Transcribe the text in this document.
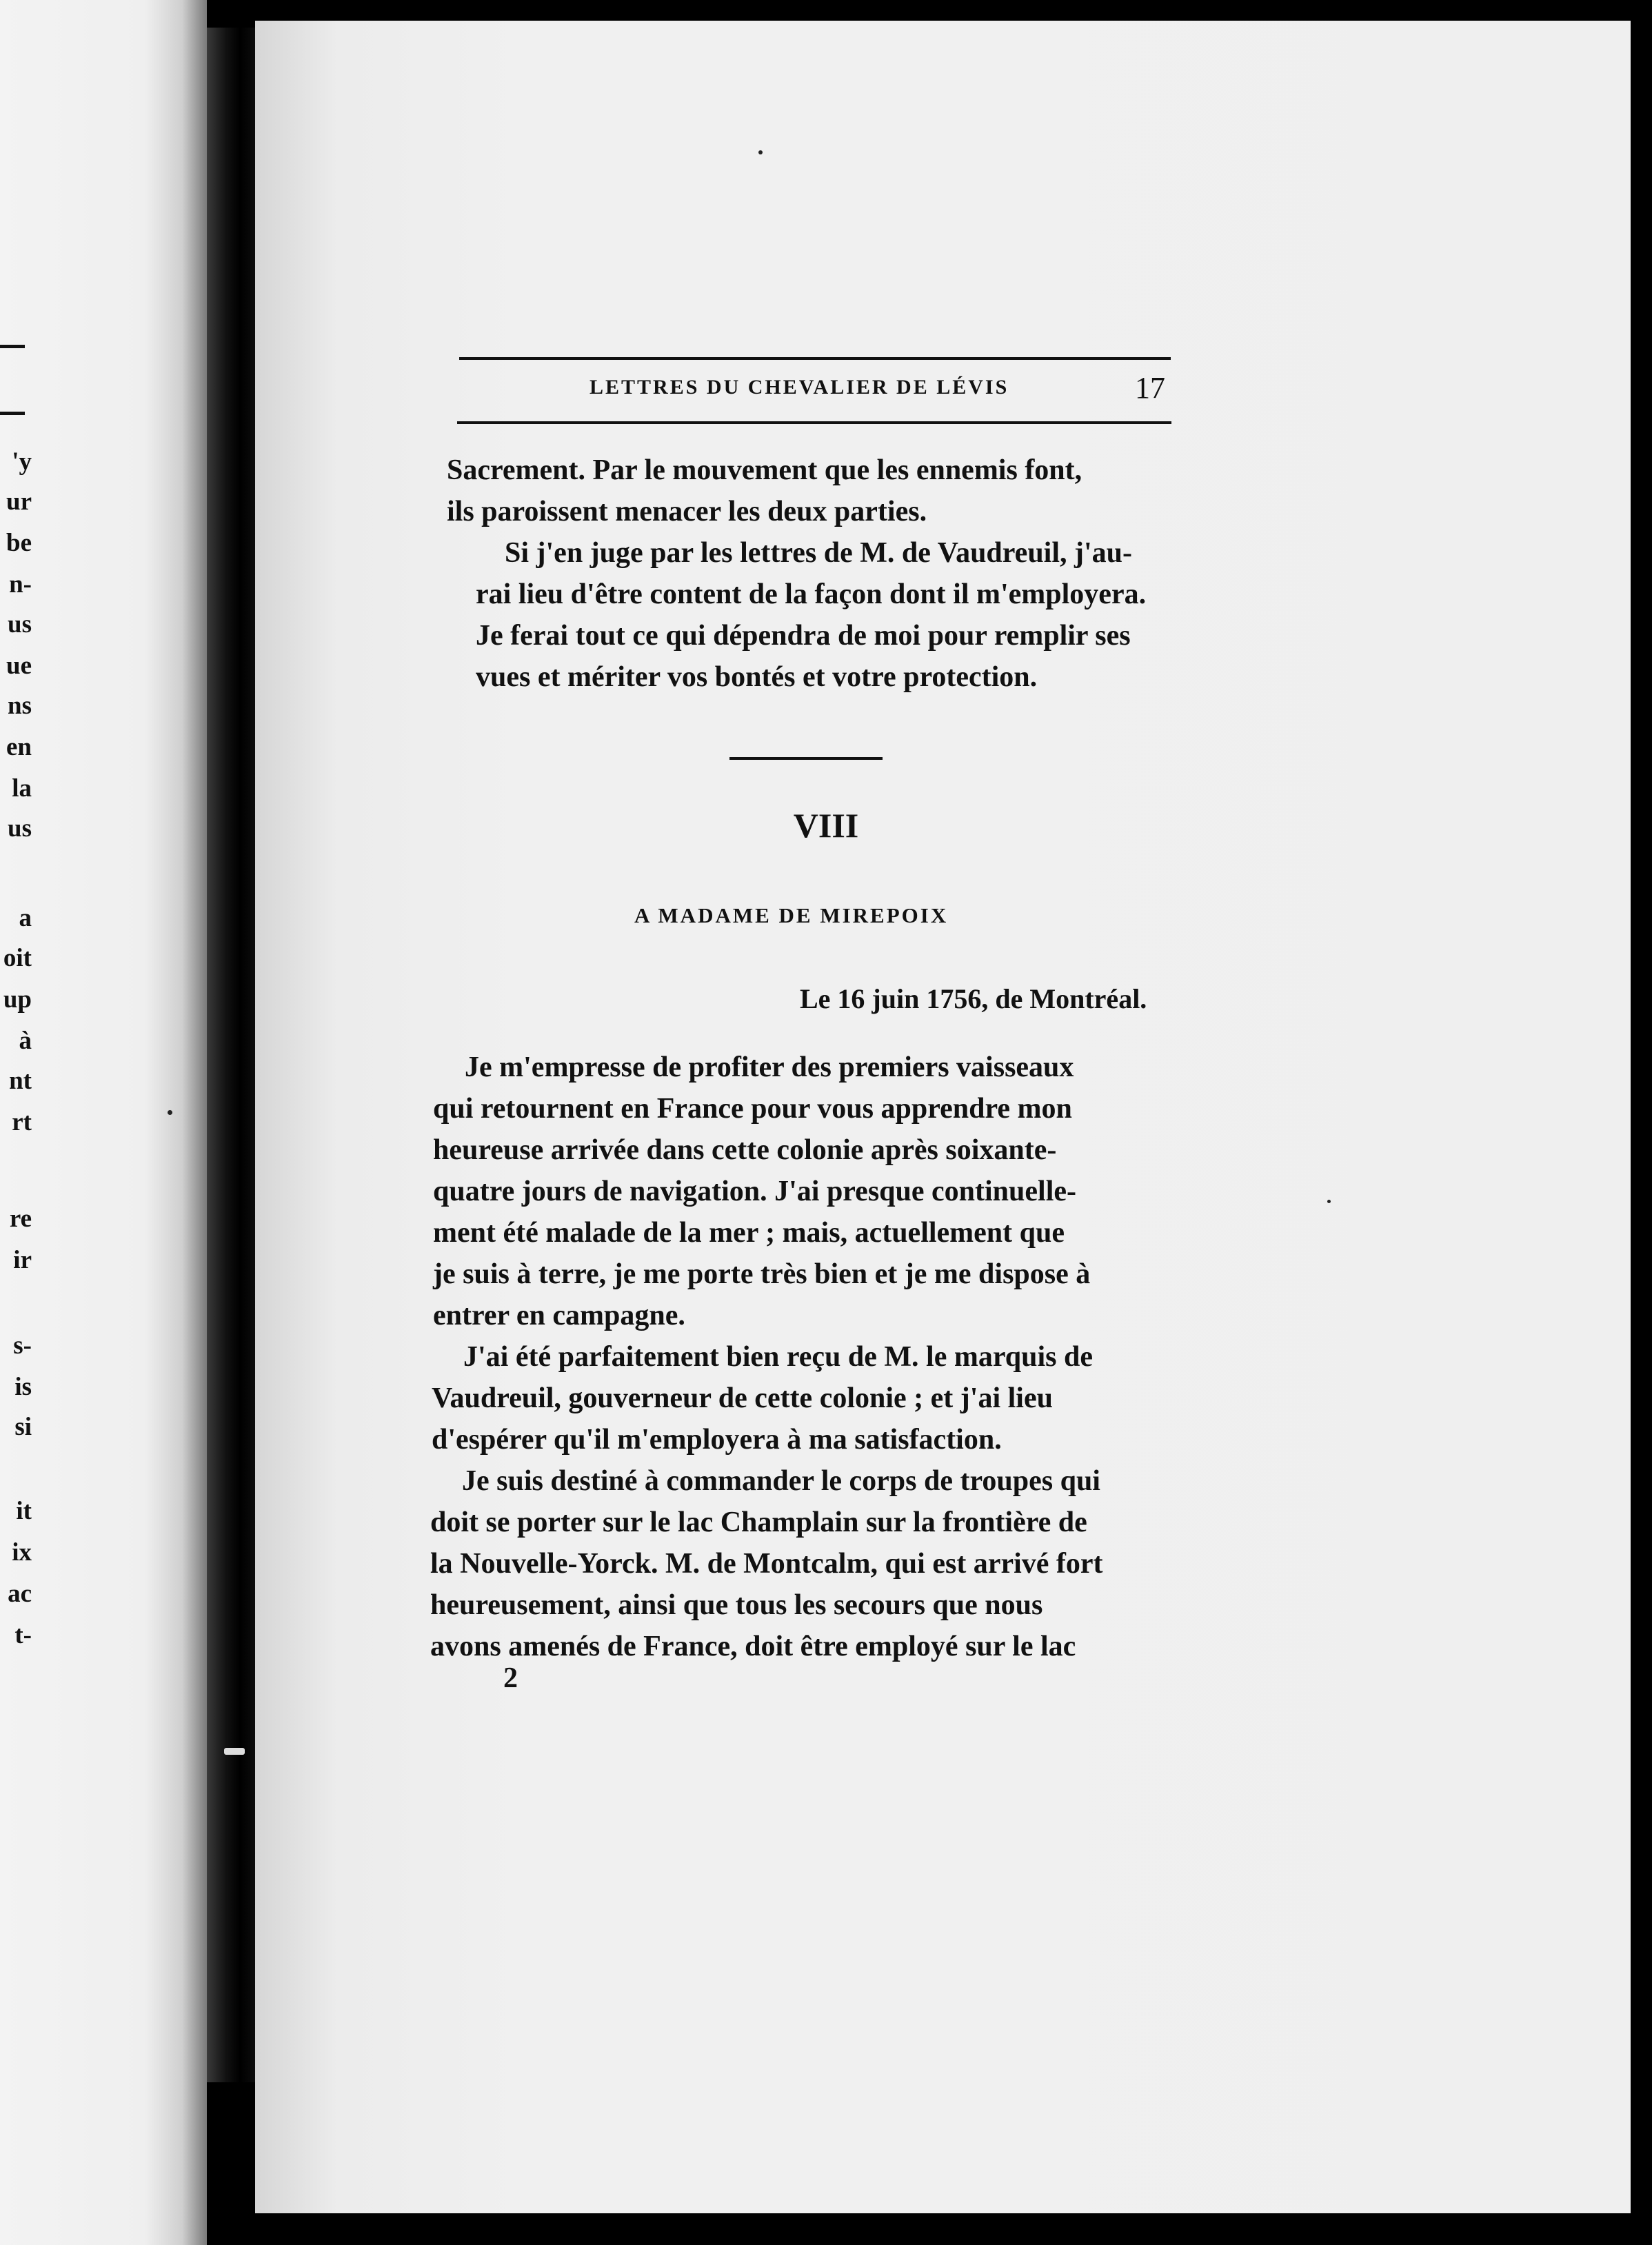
'y
ur
be
n-
us
ue
ns
en
la
us
a
oit
up
à
nt
rt
re
ir
s-
is
si
it
ix
ac
t-
LETTRES DU CHEVALIER DE LÉVIS	17
Sacrement. Par le mouvement que les ennemis font,
ils paroissent menacer les deux parties.
Si j'en juge par les lettres de M. de Vaudreuil, j'au-
rai lieu d'être content de la façon dont il m'employera.
Je ferai tout ce qui dépendra de moi pour remplir ses
vues et mériter vos bontés et votre protection.
VIII
A MADAME DE MIREPOIX
Le 16 juin 1756, de Montréal.
Je m'empresse de profiter des premiers vaisseaux
qui retournent en France pour vous apprendre mon
heureuse arrivée dans cette colonie après soixante-
quatre jours de navigation. J'ai presque continuelle-
ment été malade de la mer ; mais, actuellement que
je suis à terre, je me porte très bien et je me dispose à
entrer en campagne.
J'ai été parfaitement bien reçu de M. le marquis de
Vaudreuil, gouverneur de cette colonie ; et j'ai lieu
d'espérer qu'il m'employera à ma satisfaction.
Je suis destiné à commander le corps de troupes qui
doit se porter sur le lac Champlain sur la frontière de
la Nouvelle-Yorck. M. de Montcalm, qui est arrivé fort
heureusement, ainsi que tous les secours que nous
avons amenés de France, doit être employé sur le lac
2
